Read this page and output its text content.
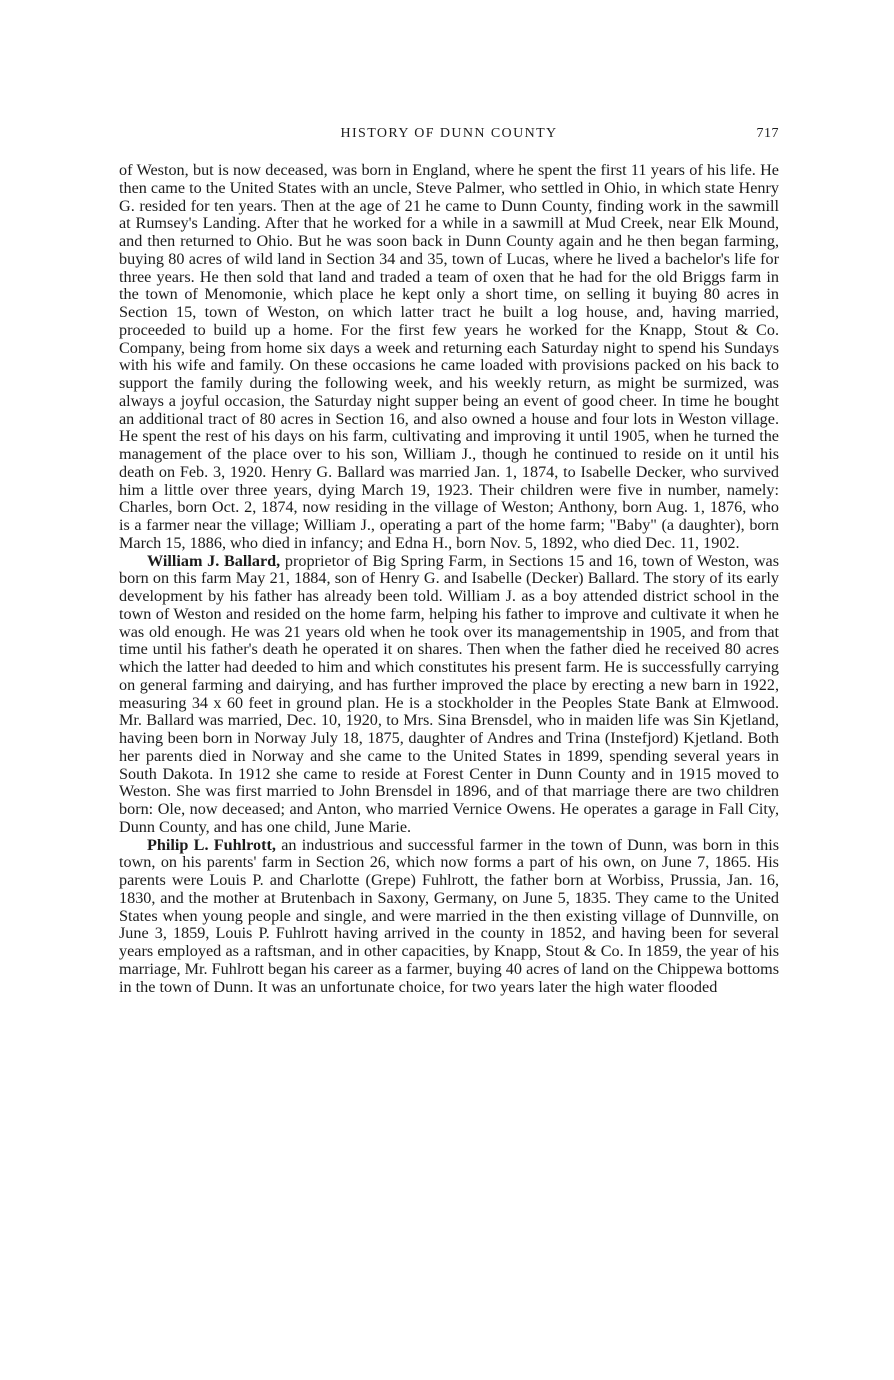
HISTORY OF DUNN COUNTY	717

of Weston, but is now deceased, was born in England, where he spent the first 11 years of his life. He then came to the United States with an uncle, Steve Palmer, who settled in Ohio, in which state Henry G. resided for ten years. Then at the age of 21 he came to Dunn County, finding work in the sawmill at Rumsey's Landing. After that he worked for a while in a sawmill at Mud Creek, near Elk Mound, and then returned to Ohio. But he was soon back in Dunn County again and he then began farming, buying 80 acres of wild land in Section 34 and 35, town of Lucas, where he lived a bachelor's life for three years. He then sold that land and traded a team of oxen that he had for the old Briggs farm in the town of Menomonie, which place he kept only a short time, on selling it buying 80 acres in Section 15, town of Weston, on which latter tract he built a log house, and, having married, proceeded to build up a home. For the first few years he worked for the Knapp, Stout & Co. Company, being from home six days a week and returning each Saturday night to spend his Sundays with his wife and family. On these occasions he came loaded with provisions packed on his back to support the family during the following week, and his weekly return, as might be surmized, was always a joyful occasion, the Saturday night supper being an event of good cheer. In time he bought an additional tract of 80 acres in Section 16, and also owned a house and four lots in Weston village. He spent the rest of his days on his farm, cultivating and improving it until 1905, when he turned the management of the place over to his son, William J., though he continued to reside on it until his death on Feb. 3, 1920. Henry G. Ballard was married Jan. 1, 1874, to Isabelle Decker, who survived him a little over three years, dying March 19, 1923. Their children were five in number, namely: Charles, born Oct. 2, 1874, now residing in the village of Weston; Anthony, born Aug. 1, 1876, who is a farmer near the village; William J., operating a part of the home farm; "Baby" (a daughter), born March 15, 1886, who died in infancy; and Edna H., born Nov. 5, 1892, who died Dec. 11, 1902.

William J. Ballard, proprietor of Big Spring Farm, in Sections 15 and 16, town of Weston, was born on this farm May 21, 1884, son of Henry G. and Isabelle (Decker) Ballard. The story of its early development by his father has already been told. William J. as a boy attended district school in the town of Weston and resided on the home farm, helping his father to improve and cultivate it when he was old enough. He was 21 years old when he took over its managementship in 1905, and from that time until his father's death he operated it on shares. Then when the father died he received 80 acres which the latter had deeded to him and which constitutes his present farm. He is successfully carrying on general farming and dairying, and has further improved the place by erecting a new barn in 1922, measuring 34 x 60 feet in ground plan. He is a stockholder in the Peoples State Bank at Elmwood. Mr. Ballard was married, Dec. 10, 1920, to Mrs. Sina Brensdel, who in maiden life was Sin Kjetland, having been born in Norway July 18, 1875, daughter of Andres and Trina (Instefjord) Kjetland. Both her parents died in Norway and she came to the United States in 1899, spending several years in South Dakota. In 1912 she came to reside at Forest Center in Dunn County and in 1915 moved to Weston. She was first married to John Brensdel in 1896, and of that marriage there are two children born: Ole, now deceased; and Anton, who married Vernice Owens. He operates a garage in Fall City, Dunn County, and has one child, June Marie.

Philip L. Fuhlrott, an industrious and successful farmer in the town of Dunn, was born in this town, on his parents' farm in Section 26, which now forms a part of his own, on June 7, 1865. His parents were Louis P. and Charlotte (Grepe) Fuhlrott, the father born at Worbiss, Prussia, Jan. 16, 1830, and the mother at Brutenbach in Saxony, Germany, on June 5, 1835. They came to the United States when young people and single, and were married in the then existing village of Dunnville, on June 3, 1859, Louis P. Fuhlrott having arrived in the county in 1852, and having been for several years employed as a raftsman, and in other capacities, by Knapp, Stout & Co. In 1859, the year of his marriage, Mr. Fuhlrott began his career as a farmer, buying 40 acres of land on the Chippewa bottoms in the town of Dunn. It was an unfortunate choice, for two years later the high water flooded
